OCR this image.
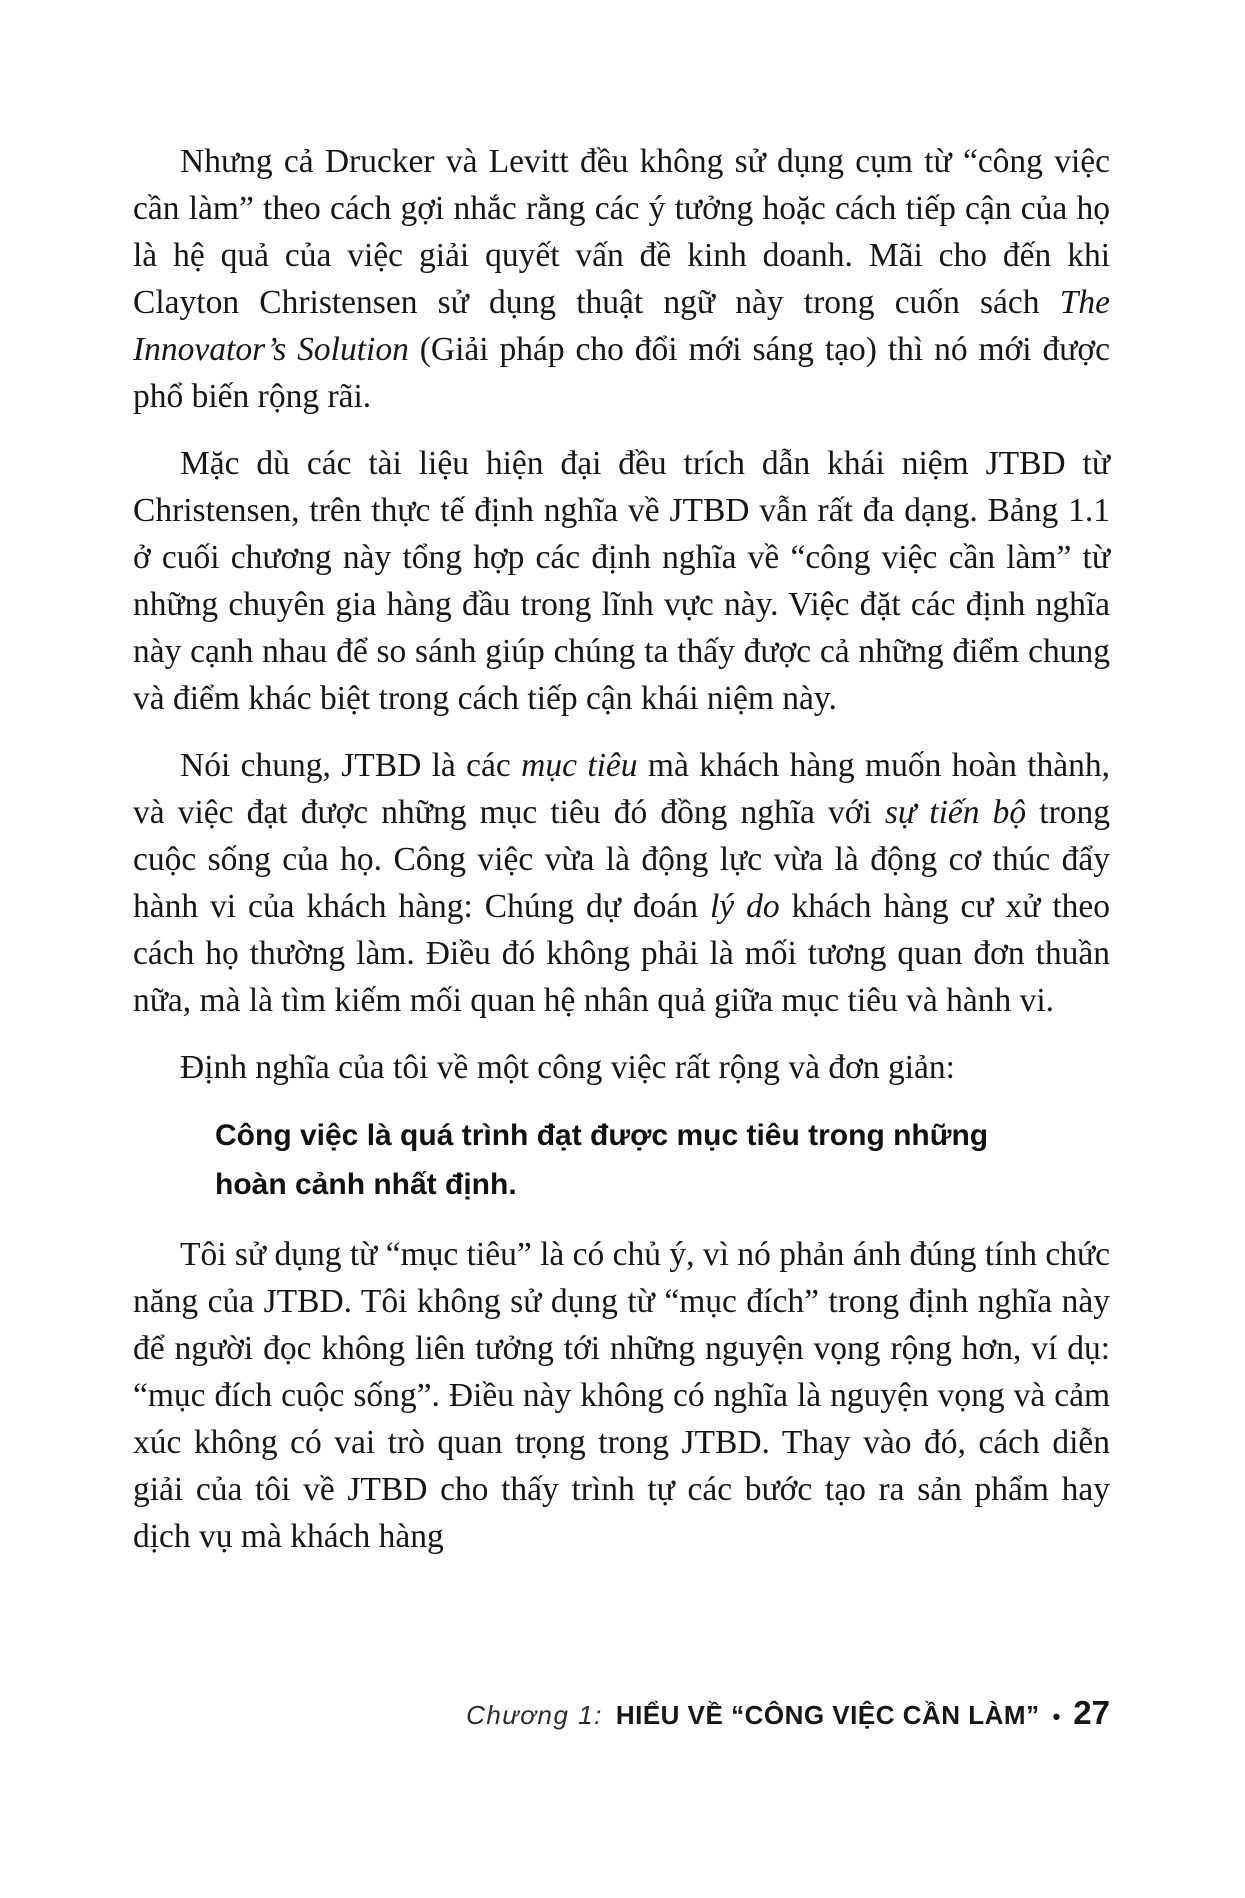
Nhưng cả Drucker và Levitt đều không sử dụng cụm từ “công việc cần làm” theo cách gợi nhắc rằng các ý tưởng hoặc cách tiếp cận của họ là hệ quả của việc giải quyết vấn đề kinh doanh. Mãi cho đến khi Clayton Christensen sử dụng thuật ngữ này trong cuốn sách The Innovator’s Solution (Giải pháp cho đổi mới sáng tạo) thì nó mới được phổ biến rộng rãi.

Mặc dù các tài liệu hiện đại đều trích dẫn khái niệm JTBD từ Christensen, trên thực tế định nghĩa về JTBD vẫn rất đa dạng. Bảng 1.1 ở cuối chương này tổng hợp các định nghĩa về “công việc cần làm” từ những chuyên gia hàng đầu trong lĩnh vực này. Việc đặt các định nghĩa này cạnh nhau để so sánh giúp chúng ta thấy được cả những điểm chung và điểm khác biệt trong cách tiếp cận khái niệm này.

Nói chung, JTBD là các mục tiêu mà khách hàng muốn hoàn thành, và việc đạt được những mục tiêu đó đồng nghĩa với sự tiến bộ trong cuộc sống của họ. Công việc vừa là động lực vừa là động cơ thúc đẩy hành vi của khách hàng: Chúng dự đoán lý do khách hàng cư xử theo cách họ thường làm. Điều đó không phải là mối tương quan đơn thuần nữa, mà là tìm kiếm mối quan hệ nhân quả giữa mục tiêu và hành vi.

Định nghĩa của tôi về một công việc rất rộng và đơn giản:

Công việc là quá trình đạt được mục tiêu trong những hoàn cảnh nhất định.

Tôi sử dụng từ “mục tiêu” là có chủ ý, vì nó phản ánh đúng tính chức năng của JTBD. Tôi không sử dụng từ “mục đích” trong định nghĩa này để người đọc không liên tưởng tới những nguyện vọng rộng hơn, ví dụ: “mục đích cuộc sống”. Điều này không có nghĩa là nguyện vọng và cảm xúc không có vai trò quan trọng trong JTBD. Thay vào đó, cách diễn giải của tôi về JTBD cho thấy trình tự các bước tạo ra sản phẩm hay dịch vụ mà khách hàng

Chương 1: HIỂU VỀ “CÔNG VIỆC CẦN LÀM” • 27
